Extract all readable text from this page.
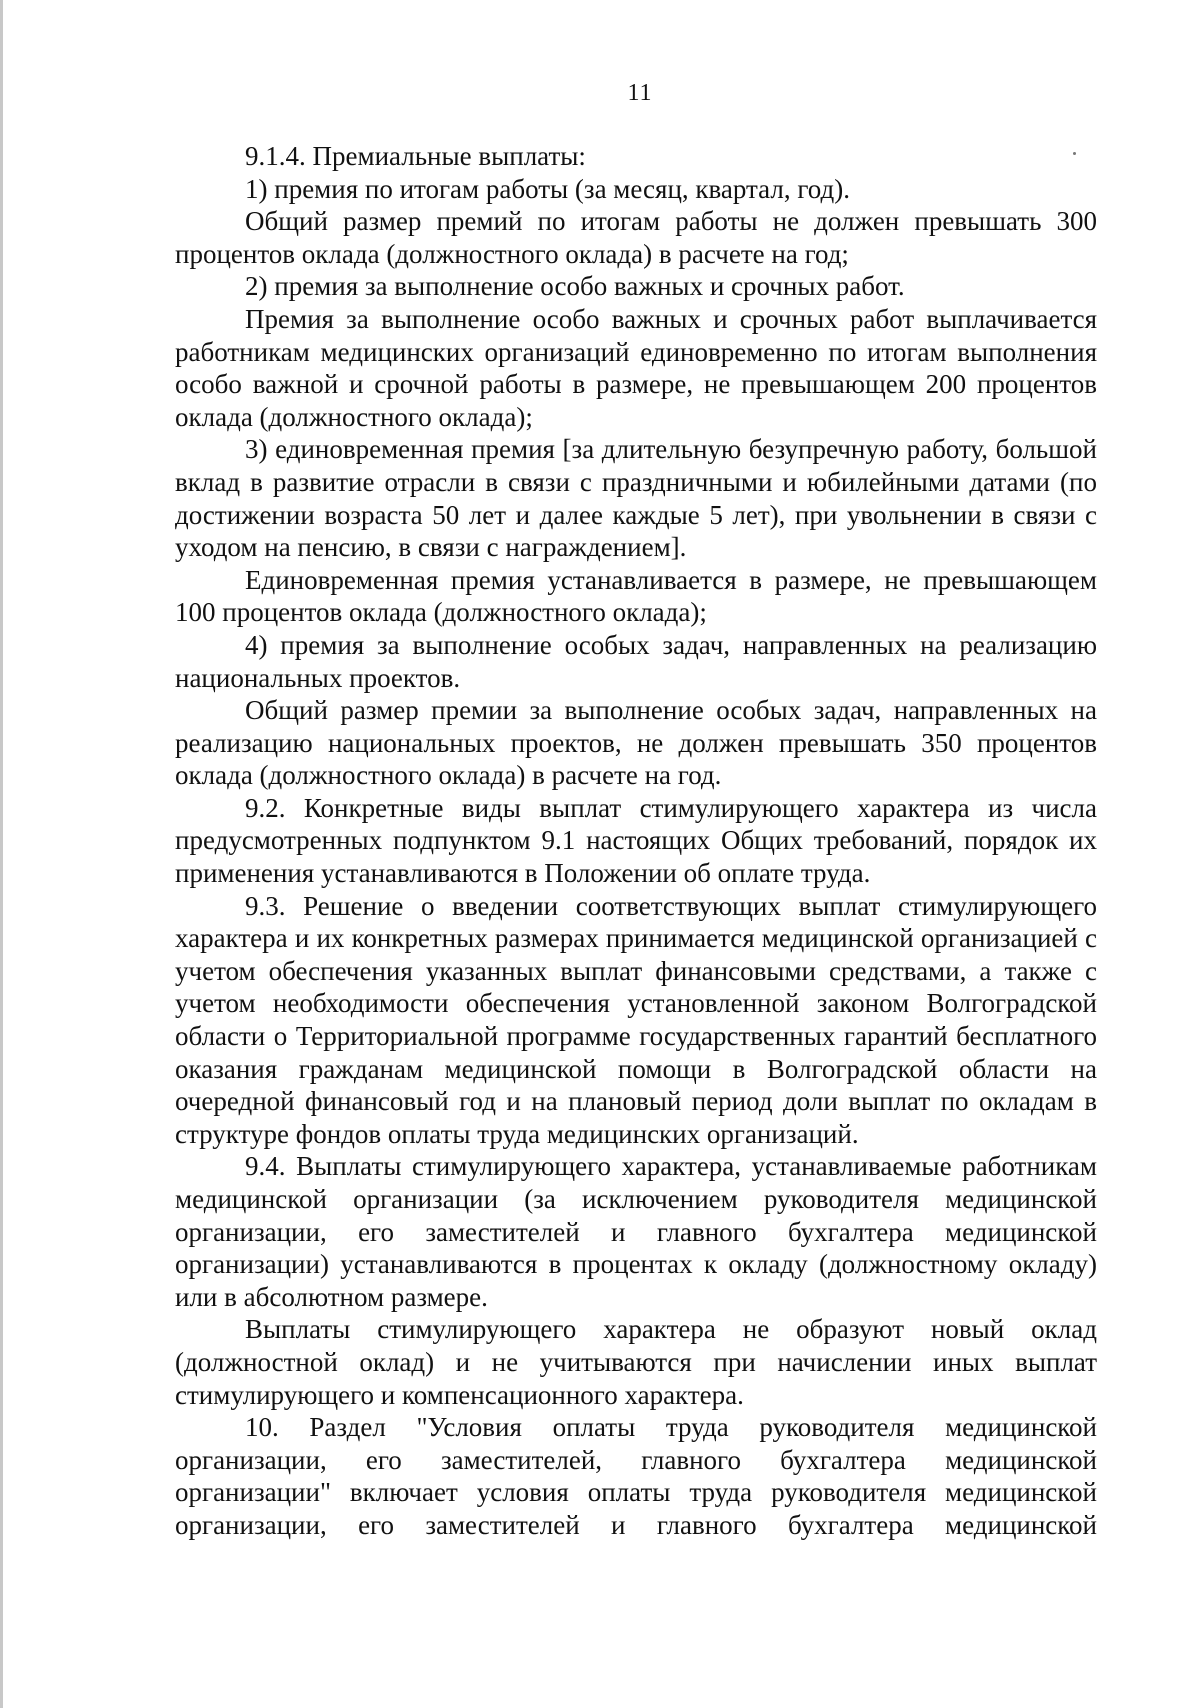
11

9.1.4. Премиальные выплаты:

1) премия по итогам работы (за месяц, квартал, год).

Общий размер премий по итогам работы не должен превышать 300 процентов оклада (должностного оклада) в расчете на год;

2) премия за выполнение особо важных и срочных работ.

Премия за выполнение особо важных и срочных работ выплачивается работникам медицинских организаций единовременно по итогам выполнения особо важной и срочной работы в размере, не превышающем 200 процентов оклада (должностного оклада);

3) единовременная премия [за длительную безупречную работу, большой вклад в развитие отрасли в связи с праздничными и юбилейными датами (по достижении возраста 50 лет и далее каждые 5 лет), при увольнении в связи с уходом на пенсию, в связи с награждением].

Единовременная премия устанавливается в размере, не превышающем 100 процентов оклада (должностного оклада);

4) премия за выполнение особых задач, направленных на реализацию национальных проектов.

Общий размер премии за выполнение особых задач, направленных на реализацию национальных проектов, не должен превышать 350 процентов оклада (должностного оклада) в расчете на год.

9.2. Конкретные виды выплат стимулирующего характера из числа предусмотренных подпунктом 9.1 настоящих Общих требований, порядок их применения устанавливаются в Положении об оплате труда.

9.3. Решение о введении соответствующих выплат стимулирующего характера и их конкретных размерах принимается медицинской организацией с учетом обеспечения указанных выплат финансовыми средствами, а также с учетом необходимости обеспечения установленной законом Волгоградской области о Территориальной программе государственных гарантий бесплатного оказания гражданам медицинской помощи в Волгоградской области на очередной финансовый год и на плановый период доли выплат по окладам в структуре фондов оплаты труда медицинских организаций.

9.4. Выплаты стимулирующего характера, устанавливаемые работникам медицинской организации (за исключением руководителя медицинской организации, его заместителей и главного бухгалтера медицинской организации) устанавливаются в процентах к окладу (должностному окладу) или в абсолютном размере.

Выплаты стимулирующего характера не образуют новый оклад (должностной оклад) и не учитываются при начислении иных выплат стимулирующего и компенсационного характера.

10. Раздел "Условия оплаты труда руководителя медицинской организации, его заместителей, главного бухгалтера медицинской организации" включает условия оплаты труда руководителя медицинской организации, его заместителей и главного бухгалтера медицинской
